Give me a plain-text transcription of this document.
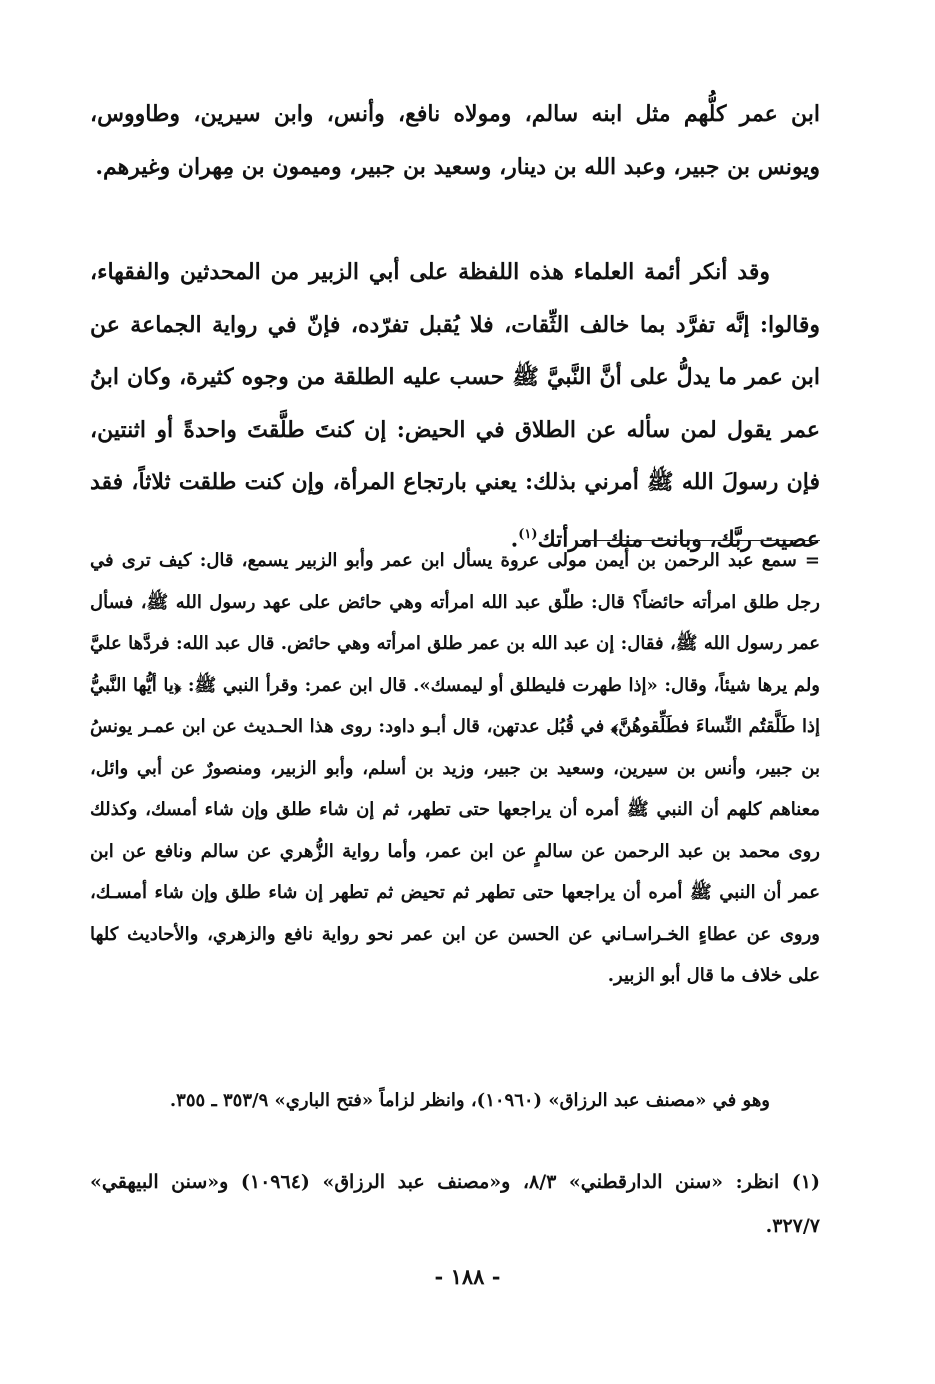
ابن عمر كلُّهم مثل ابنه سالم، ومولاه نافع، وأنس، وابن سيرين، وطاووس، ويونس بن جبير، وعبد الله بن دينار، وسعيد بن جبير، وميمون بن مِهران وغيرهم.

وقد أنكر أئمة العلماء هذه اللفظة على أبي الزبير من المحدثين والفقهاء، وقالوا: إنَّه تفرَّد بما خالف الثِّقات، فلا يُقبل تفرّده، فإنّ في رواية الجماعة عن ابن عمر ما يدلُّ على أنَّ النَّبيَّ ﷺ حسب عليه الطلقة من وجوه كثيرة، وكان ابنُ عمر يقول لمن سأله عن الطلاق في الحيض: إن كنتَ طلَّقتَ واحدةً أو اثنتين، فإن رسولَ الله ﷺ أمرني بذلك: يعني بارتجاع المرأة، وإن كنت طلقت ثلاثاً، فقد عصيت ربَّك، وبانت منك امرأتك$^{(١)}$.

= سمع عبد الرحمن بن أيمن مولى عروة يسأل ابن عمر وأبو الزبير يسمع، قال: كيف ترى في رجل طلق امرأته حائضاً؟ قال: طلّق عبد الله امرأته وهي حائض على عهد رسول الله ﷺ، فسأل عمر رسول الله ﷺ، فقال: إن عبد الله بن عمر طلق امرأته وهي حائض. قال عبد الله: فردَّها عليَّ ولم يرها شيئاً، وقال: «إذا طهرت فليطلق أو ليمسك». قال ابن عمر: وقرأ النبي ﷺ: ﴿يا أيُّها النَّبيُّ إذا طَلَّقتُم النِّساءَ فطَلِّقوهُنَّ﴾ في قُبُل عدتهن، قال أبـو داود: روى هذا الحـديث عن ابن عمـر يونسُ بن جبير، وأنس بن سيرين، وسعيد بن جبير، وزيد بن أسلم، وأبو الزبير، ومنصورٌ عن أبي وائل، معناهم كلهم أن النبي ﷺ أمره أن يراجعها حتى تطهر، ثم إن شاء طلق وإن شاء أمسك، وكذلك روى محمد بن عبد الرحمن عن سالمٍ عن ابن عمر، وأما رواية الزُّهري عن سالم ونافع عن ابن عمر أن النبي ﷺ أمره أن يراجعها حتى تطهر ثم تحيض ثم تطهر إن شاء طلق وإن شاء أمسـك، وروى عن عطاءٍ الخـراسـاني عن الحسن عن ابن عمر نحو رواية نافع والزهري، والأحاديث كلها على خلاف ما قال أبو الزبير.

وهو في «مصنف عبد الرزاق» (١٠٩٦٠)، وانظر لزاماً «فتح الباري» ٣٥٣/٩ ـ ٣٥٥.

(١) انظر: «سنن الدارقطني» ٨/٣، و«مصنف عبد الرزاق» (١٠٩٦٤) و«سنن البيهقي» ٣٢٧/٧.

- ١٨٨ -
